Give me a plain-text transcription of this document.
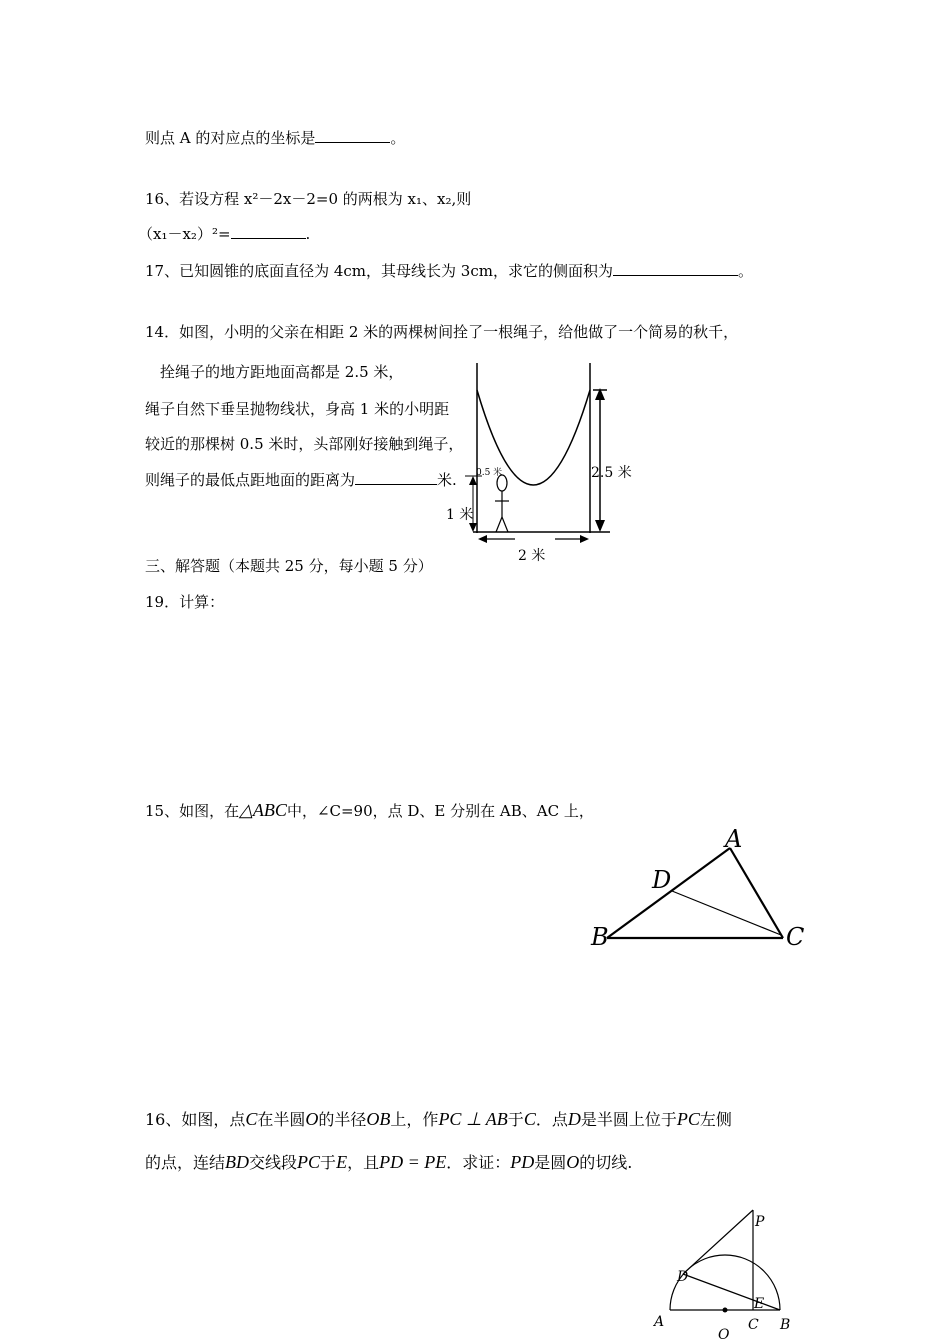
则点 A 的对应点的坐标是	。
16、若设方程 x²－2x－2=0 的两根为 x₁、x₂,则
（x₁－x₂）²=	.
17、已知圆锥的底面直径为 4cm，其母线长为 3cm，求它的侧面积为	。
14．如图，小明的父亲在相距 2 米的两棵树间拴了一根绳子，给他做了一个简易的秋千，
拴绳子的地方距地面高都是 2.5 米，
绳子自然下垂呈抛物线状，身高 1 米的小明距
较近的那棵树 0.5 米时，头部刚好接触到绳子，
则绳子的最低点距地面的距离为	米.	2.5 米
1 米
2 米
0.5 米
三、解答题（本题共 25 分，每小题 5 分）
19．计算：
15、如图，在△ABC中，∠C=90，点 D、E 分别在 AB、AC 上，
A
B	C
D
16、如图，点C在半圆O的半径OB上，作PC ⊥ AB于C．点D是半圆上位于PC左侧
的点，连结BD交线段PC于E，且PD = PE．求证：PD是圆O的切线.
P
D
E
A
O
C B
